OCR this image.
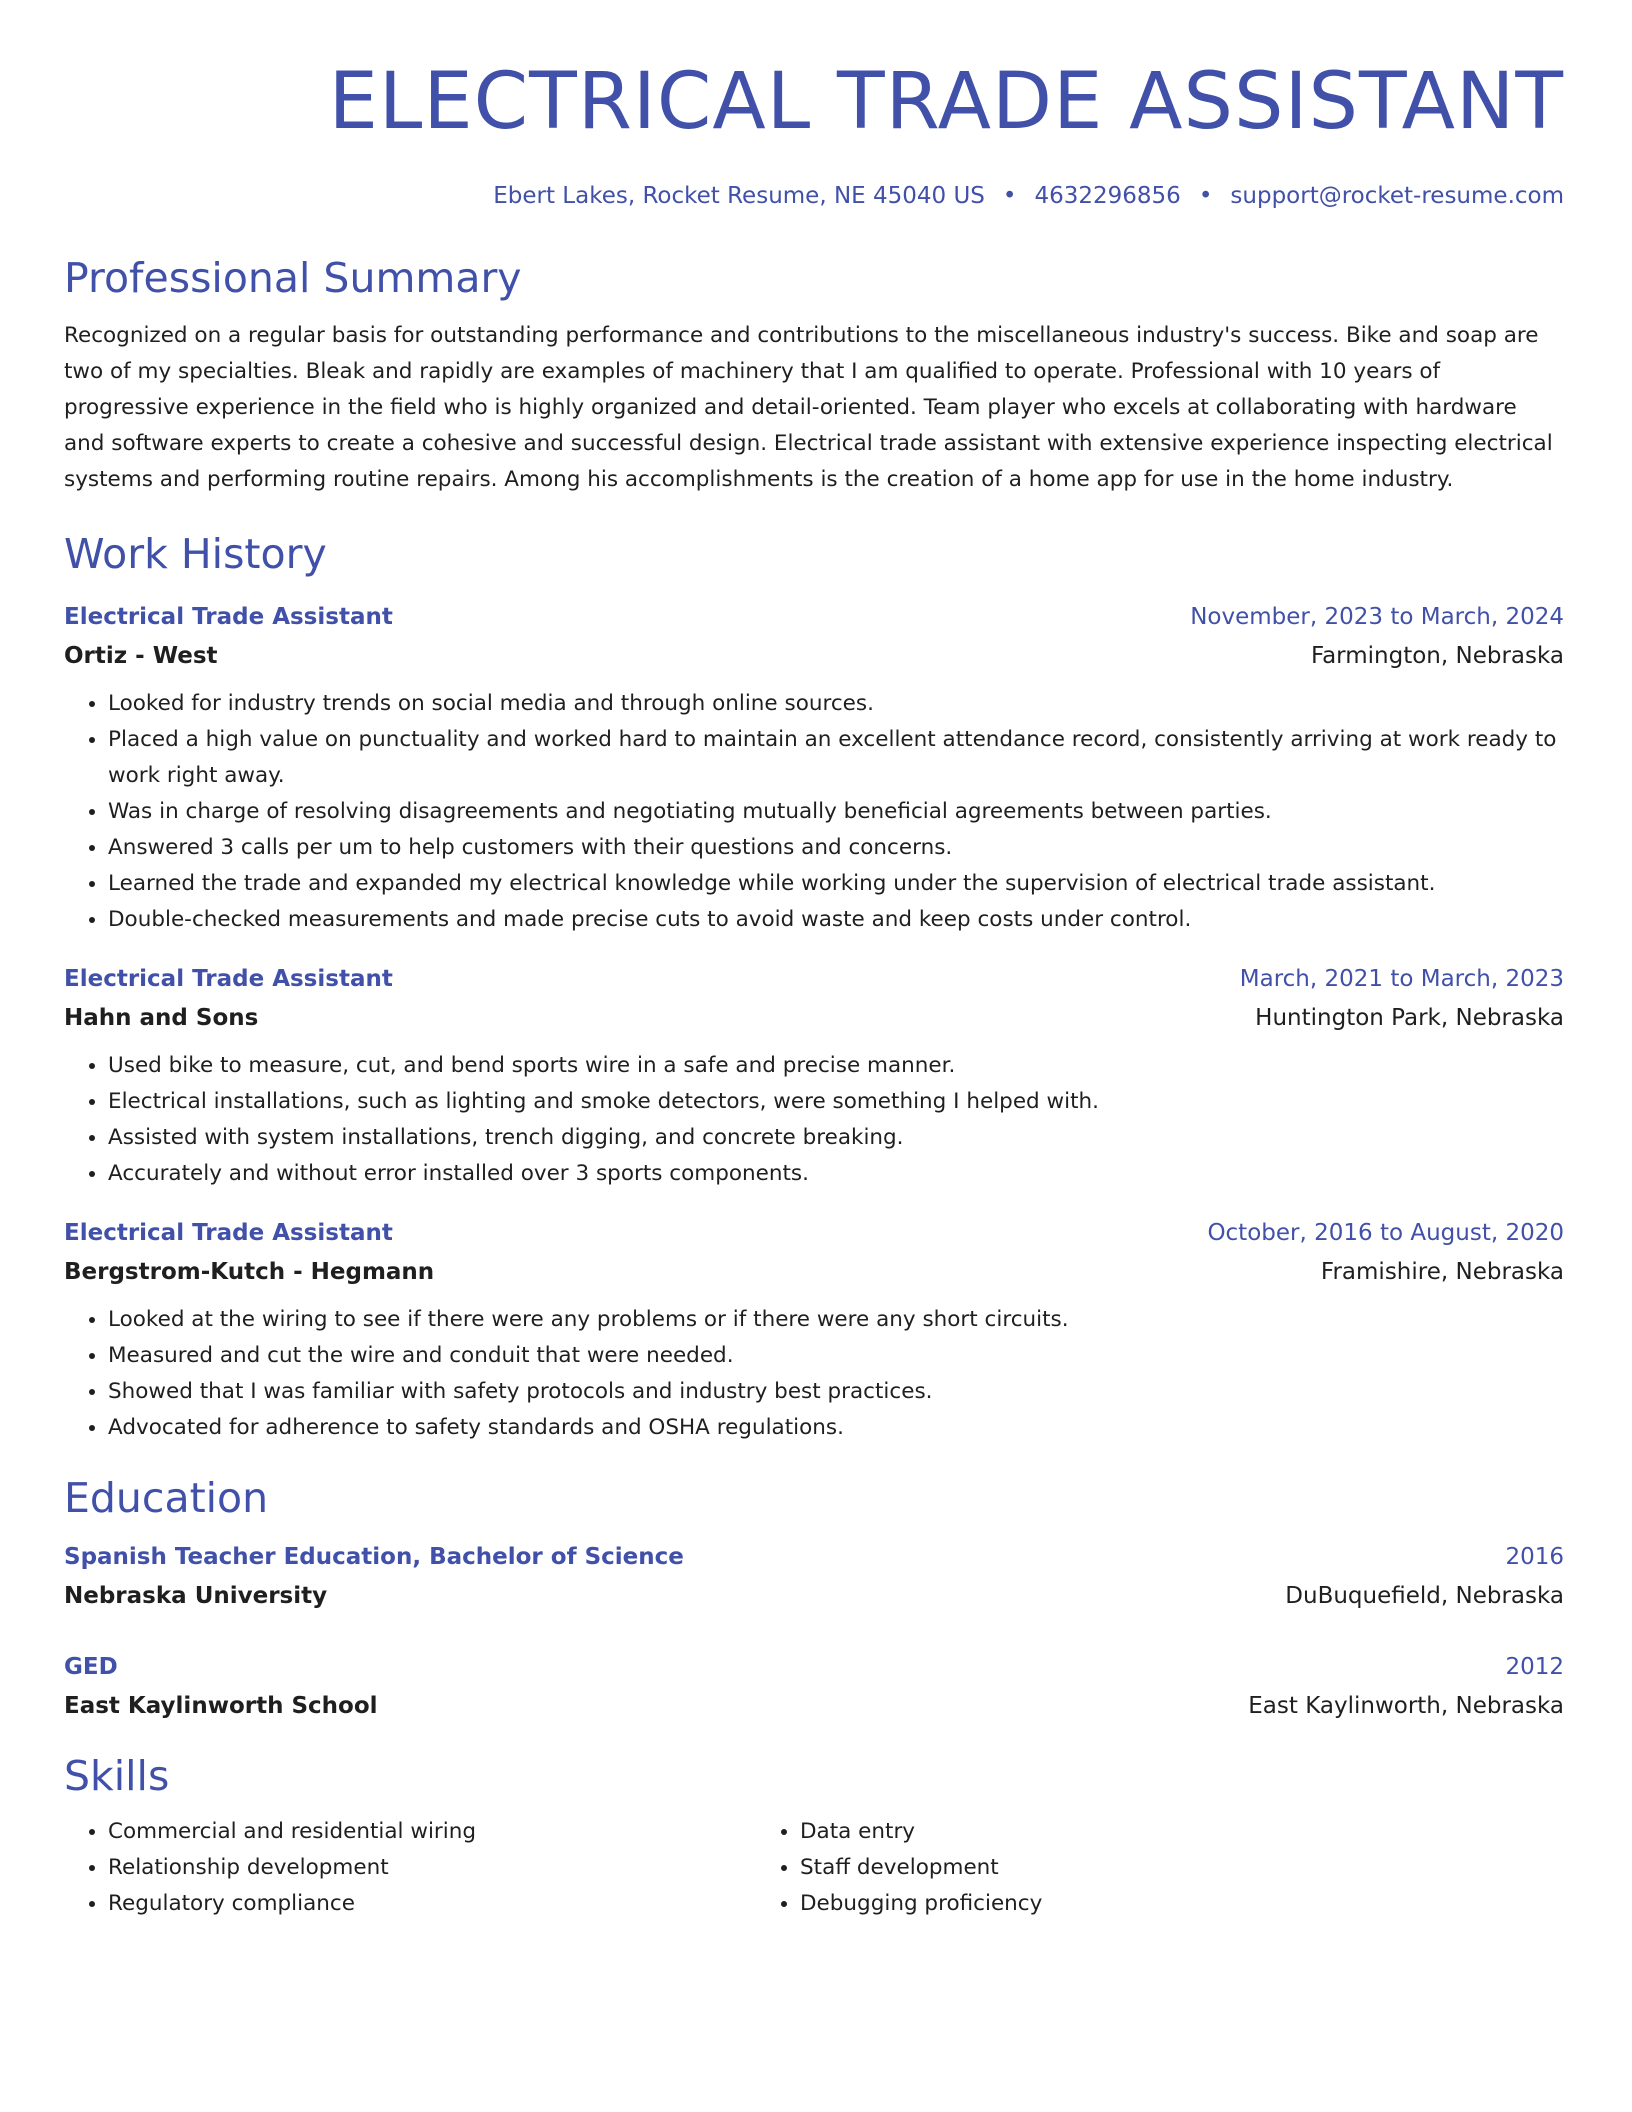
ELECTRICAL TRADE ASSISTANT
Ebert Lakes, Rocket Resume, NE 45040 US • 4632296856 • support@rocket-resume.com
Professional Summary

Recognized on a regular basis for outstanding performance and contributions to the miscellaneous industry's success. Bike and soap are two of my specialties. Bleak and rapidly are examples of machinery that I am qualified to operate. Professional with 10 years of progressive experience in the field who is highly organized and detail-oriented. Team player who excels at collaborating with hardware and software experts to create a cohesive and successful design. Electrical trade assistant with extensive experience inspecting electrical systems and performing routine repairs. Among his accomplishments is the creation of a home app for use in the home industry.

Work History
Electrical Trade Assistant	November, 2023 to March, 2024
Ortiz - West	Farmington, Nebraska
• Looked for industry trends on social media and through online sources.
• Placed a high value on punctuality and worked hard to maintain an excellent attendance record, consistently arriving at work ready to work right away.
• Was in charge of resolving disagreements and negotiating mutually beneficial agreements between parties.
• Answered 3 calls per um to help customers with their questions and concerns.
• Learned the trade and expanded my electrical knowledge while working under the supervision of electrical trade assistant.
• Double-checked measurements and made precise cuts to avoid waste and keep costs under control.
Electrical Trade Assistant	March, 2021 to March, 2023
Hahn and Sons	Huntington Park, Nebraska
• Used bike to measure, cut, and bend sports wire in a safe and precise manner.
• Electrical installations, such as lighting and smoke detectors, were something I helped with.
• Assisted with system installations, trench digging, and concrete breaking.
• Accurately and without error installed over 3 sports components.
Electrical Trade Assistant	October, 2016 to August, 2020
Bergstrom-Kutch - Hegmann	Framishire, Nebraska
• Looked at the wiring to see if there were any problems or if there were any short circuits.
• Measured and cut the wire and conduit that were needed.
• Showed that I was familiar with safety protocols and industry best practices.
• Advocated for adherence to safety standards and OSHA regulations.
Education
Spanish Teacher Education, Bachelor of Science	2016
Nebraska University	DuBuquefield, Nebraska
GED	2012
East Kaylinworth School	East Kaylinworth, Nebraska
Skills
• Commercial and residential wiring
• Relationship development
• Regulatory compliance
• Data entry
• Staff development
• Debugging proficiency
